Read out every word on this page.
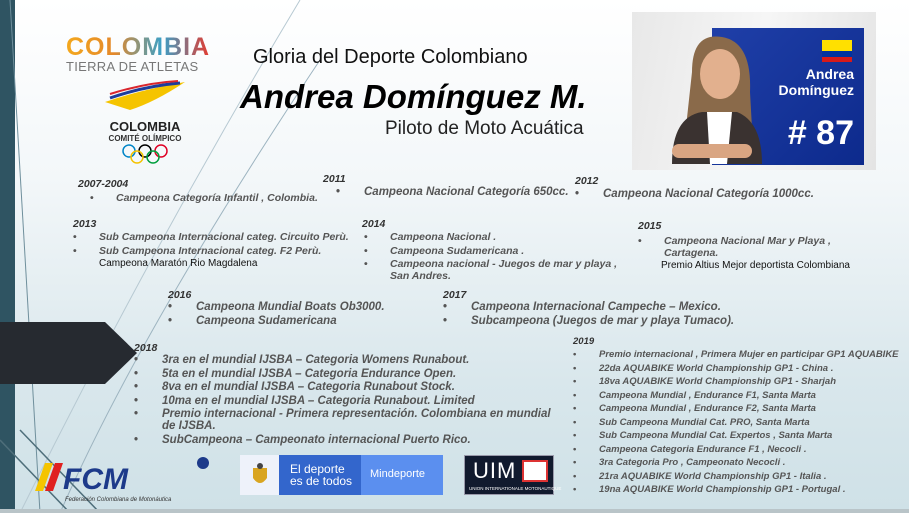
COLOMBIA
TIERRA DE ATLETAS
COLOMBIA
COMITÉ OLÍMPICO
Gloria del Deporte Colombiano
Andrea Domínguez M.
Piloto de Moto Acuática
Andrea
Domínguez
# 87
2007-2004
• Campeona Categoría Infantil , Colombia.
2011
• Campeona Nacional Categoría 650cc.
2012
• Campeona Nacional Categoría 1000cc.
2013
• Sub Campeona Internacional categ. Circuito Perù.
• Sub Campeona Internacional categ. F2 Perù.
Campeona Maratón Rio Magdalena
2014
• Campeona Nacional .
• Campeona Sudamericana .
• Campeona nacional - Juegos de mar y playa , San Andres.
2015
• Campeona Nacional Mar y Playa , Cartagena.
Premio Altius Mejor deportista Colombiana
2016
• Campeona Mundial Boats Ob3000.
• Campeona Sudamericana
2017
• Campeona Internacional Campeche – Mexico.
• Subcampeona (Juegos de mar y playa Tumaco).
2018
• 3ra en el mundial IJSBA – Categoria Womens Runabout.
• 5ta en el mundial IJSBA – Categoria Endurance Open.
• 8va en el mundial IJSBA – Categoria Runabout Stock.
• 10ma en el mundial IJSBA – Categoria Runabout. Limited
• Premio internacional - Primera representación. Colombiana en mundial de IJSBA.
• SubCampeona – Campeonato internacional Puerto Rico.
2019
• Premio internacional , Primera Mujer en participar GP1 AQUABIKE
• 22da AQUABIKE World Championship GP1 - China .
• 18va AQUABIKE World Championship GP1 - Sharjah
• Campeona Mundial , Endurance F1, Santa Marta
• Campeona Mundial , Endurance F2, Santa Marta
• Sub Campeona Mundial Cat. PRO, Santa Marta
• Sub Campeona Mundial Cat. Expertos , Santa Marta
• Campeona Categoria Endurance F1 , Necocli .
• 3ra Categoria Pro , Campeonato Necocli .
• 21ra AQUABIKE World Championship GP1 - Italia .
• 19na AQUABIKE World Championship GP1 - Portugal .
FCM
Federación Colombiana de Motonáutica
El deporte
es de todos	Mindeporte	UIM
UNION INTERNATIONALE MOTONAUTIQUE
